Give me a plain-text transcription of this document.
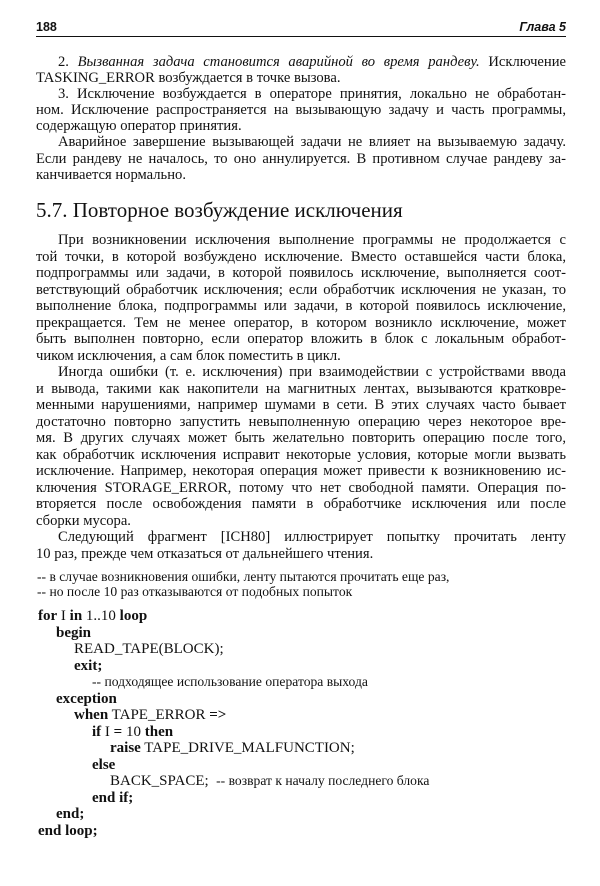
188	Глава 5
2. Вызванная задача становится аварийной во время рандеву. Исключение
TASKING_ERROR возбуждается в точке вызова.
3. Исключение возбуждается в операторе принятия, локально не обработан-
ном. Исключение распространяется на вызывающую задачу и часть программы,
содержащую оператор принятия.
Аварийное завершение вызывающей задачи не влияет на вызываемую задачу.
Если рандеву не началось, то оно аннулируется. В противном случае рандеву за-
канчивается нормально.
5.7. Повторное возбуждение исключения
При возникновении исключения выполнение программы не продолжается с
той точки, в которой возбуждено исключение. Вместо оставшейся части блока,
подпрограммы или задачи, в которой появилось исключение, выполняется соот-
ветствующий обработчик исключения; если обработчик исключения не указан, то
выполнение блока, подпрограммы или задачи, в которой появилось исключение,
прекращается. Тем не менее оператор, в котором возникло исключение, может
быть выполнен повторно, если оператор вложить в блок с локальным обработ-
чиком исключения, а сам блок поместить в цикл.
Иногда ошибки (т. е. исключения) при взаимодействии с устройствами ввода
и вывода, такими как накопители на магнитных лентах, вызываются кратковре-
менными нарушениями, например шумами в сети. В этих случаях часто бывает
достаточно повторно запустить невыполненную операцию через некоторое вре-
мя. В других случаях может быть желательно повторить операцию после того,
как обработчик исключения исправит некоторые условия, которые могли вызвать
исключение. Например, некоторая операция может привести к возникновению ис-
ключения STORAGE_ERROR, потому что нет свободной памяти. Операция по-
вторяется после освобождения памяти в обработчике исключения или после
сборки мусора.
Следующий фрагмент [ICH80] иллюстрирует попытку прочитать ленту
10 раз, прежде чем отказаться от дальнейшего чтения.
-- в случае возникновения ошибки, ленту пытаются прочитать еще раз,
-- но после 10 раз отказываются от подобных попыток
for I in 1..10 loop
begin
READ_TAPE(BLOCK);
exit;
-- подходящее использование оператора выхода
exception
when TAPE_ERROR =>
if I = 10 then
raise TAPE_DRIVE_MALFUNCTION;
else
BACK_SPACE;  -- возврат к началу последнего блока
end if;
end;
end loop;
